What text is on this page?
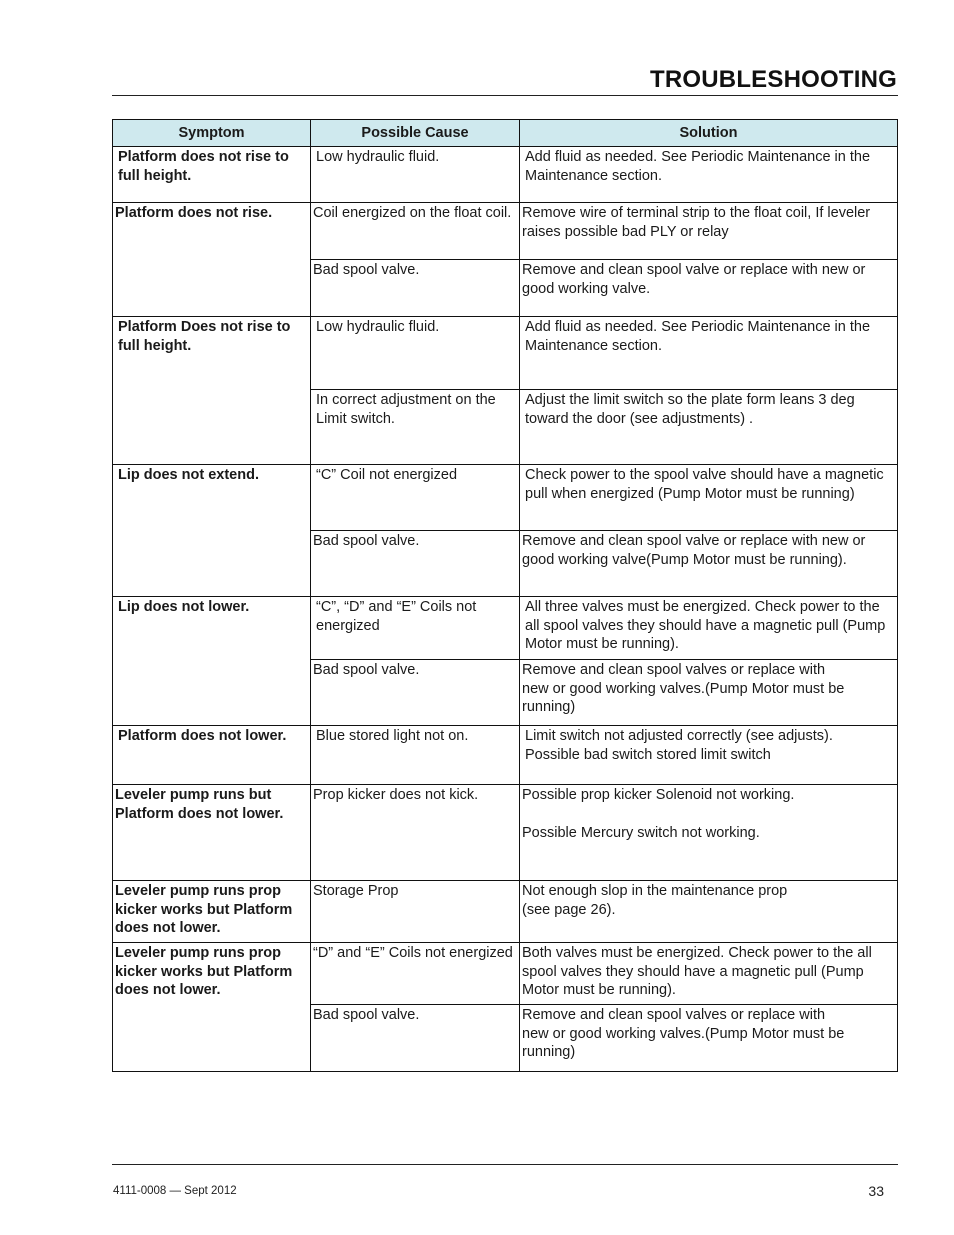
TROUBLESHOOTING
Symptom	Possible Cause	Solution
Platform does not rise to full height.	Low hydraulic fluid.	Add fluid as needed. See Periodic Maintenance in the Maintenance section.
Platform does not rise.	Coil energized on the float coil.	Remove wire of terminal strip to the float coil, If leveler raises possible bad PLY or relay
	Bad spool valve.	Remove and clean spool valve or replace with new or good working valve.
Platform Does not rise to full height.	Low hydraulic fluid.	Add fluid as needed. See Periodic Maintenance in the Maintenance section.
	In correct adjustment on the Limit switch.	Adjust the limit switch so the plate form leans 3 deg toward the door (see adjustments) .
Lip does not extend.	“C” Coil not energized	Check power to the spool valve should have a magnetic pull when energized (Pump Motor must be running)
	Bad spool valve.	Remove and clean spool valve or replace with new or good working valve(Pump Motor must be running).
Lip does not lower.	“C”, “D” and “E” Coils not energized	All three valves must be energized. Check power to the all spool valves they should have a magnetic pull (Pump Motor must be running).
	Bad spool valve.	Remove and clean spool valves or replace with
new or good working valves.(Pump Motor must be
running)

Platform does not lower.	Blue stored light not on.	Limit switch not adjusted correctly (see adjusts).
Possible bad switch stored limit switch

Leveler pump runs but Platform does not lower.	Prop kicker does not kick.	Possible prop kicker Solenoid not working.
Possible Mercury switch not working.

Leveler pump runs prop kicker works but Platform does not lower.	Storage Prop	Not enough slop in the maintenance prop
(see page 26).

Leveler pump runs prop kicker works but Platform does not lower.	“D” and “E” Coils not energized	Both valves must be energized. Check power to the all spool valves they should have a magnetic pull (Pump Motor must be running).
	Bad spool valve.	Remove and clean spool valves or replace with
new or good working valves.(Pump Motor must be
running)
4111-0008 — Sept 2012	33
